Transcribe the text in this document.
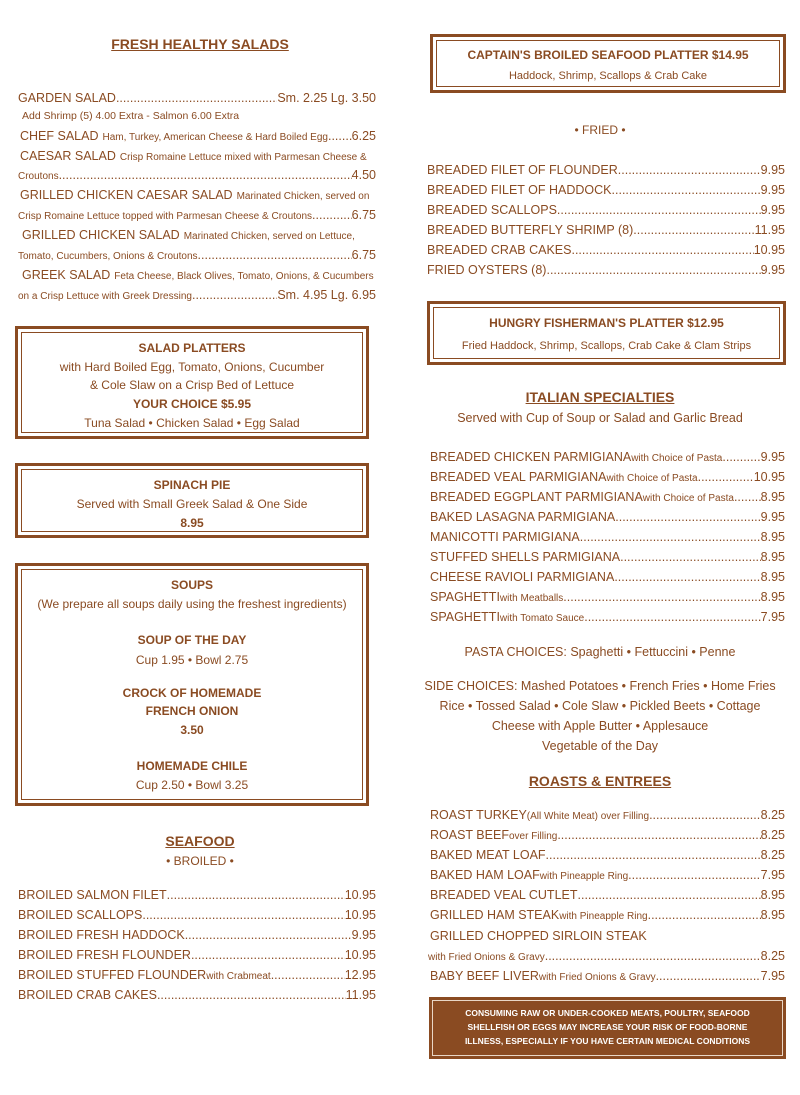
FRESH HEALTHY SALADS
GARDEN SALAD .....	Sm. 2.25 Lg. 3.50
Add Shrimp (5) 4.00 Extra - Salmon 6.00 Extra
CHEF SALAD Ham, Turkey, American Cheese & Hard Boiled Egg ..... 6.25
CAESAR SALAD Crisp Romaine Lettuce mixed with Parmesan Cheese &
Croutons .....	4.50
GRILLED CHICKEN CAESAR SALAD Marinated Chicken, served on
Crisp Romaine Lettuce topped with Parmesan Cheese & Croutons .....	6.75
GRILLED CHICKEN SALAD Marinated Chicken, served on Lettuce,
Tomato, Cucumbers, Onions & Croutons .....	6.75
GREEK SALAD Feta Cheese, Black Olives, Tomato, Onions, & Cucumbers
on a Crisp Lettuce with Greek Dressing .....	Sm. 4.95 Lg. 6.95
SALAD PLATTERS
with Hard Boiled Egg, Tomato, Onions, Cucumber
& Cole Slaw on a Crisp Bed of Lettuce
YOUR CHOICE $5.95
Tuna Salad • Chicken Salad • Egg Salad
SPINACH PIE
Served with Small Greek Salad & One Side
8.95
SOUPS
(We prepare all soups daily using the freshest ingredients)
SOUP OF THE DAY
Cup 1.95 • Bowl 2.75
CROCK OF HOMEMADE
FRENCH ONION
3.50
HOMEMADE CHILE
Cup 2.50 • Bowl 3.25
SEAFOOD
• BROILED •
BROILED SALMON FILET .....	10.95
BROILED SCALLOPS .....	10.95
BROILED FRESH HADDOCK .....	9.95
BROILED FRESH FLOUNDER .....	10.95
BROILED STUFFED FLOUNDER with Crabmeat .....	12.95
BROILED CRAB CAKES .....	11.95
CAPTAIN'S BROILED SEAFOOD PLATTER $14.95
Haddock, Shrimp, Scallops & Crab Cake
• FRIED •
BREADED FILET OF FLOUNDER .....	9.95
BREADED FILET OF HADDOCK .....	9.95
BREADED SCALLOPS .....	9.95
BREADED BUTTERFLY SHRIMP (8) .....	11.95
BREADED CRAB CAKES .....	10.95
FRIED OYSTERS (8) .....	9.95
HUNGRY FISHERMAN'S PLATTER $12.95
Fried Haddock, Shrimp, Scallops, Crab Cake & Clam Strips
ITALIAN SPECIALTIES
Served with Cup of Soup or Salad and Garlic Bread
BREADED CHICKEN PARMIGIANA with Choice of Pasta .....	9.95
BREADED VEAL PARMIGIANA with Choice of Pasta .....	10.95
BREADED EGGPLANT PARMIGIANA with Choice of Pasta ..... 8.95
BAKED LASAGNA PARMIGIANA .....	9.95
MANICOTTI PARMIGIANA .....	8.95
STUFFED SHELLS PARMIGIANA .....	8.95
CHEESE RAVIOLI PARMIGIANA .....	8.95
SPAGHETTI with Meatballs .....	8.95
SPAGHETTI with Tomato Sauce .....	7.95
PASTA CHOICES: Spaghetti • Fettuccini • Penne
SIDE CHOICES: Mashed Potatoes • French Fries • Home Fries
Rice • Tossed Salad • Cole Slaw • Pickled Beets • Cottage
Cheese with Apple Butter • Applesauce
Vegetable of the Day
ROASTS & ENTREES
ROAST TURKEY (All White Meat) over Filling .....	8.25
ROAST BEEF over Filling .....	8.25
BAKED MEAT LOAF .....	8.25
BAKED HAM LOAF with Pineapple Ring .....	7.95
BREADED VEAL CUTLET .....	8.95
GRILLED HAM STEAK with Pineapple Ring .....	8.95
GRILLED CHOPPED SIRLOIN STEAK
with Fried Onions & Gravy .....	8.25
BABY BEEF LIVER with Fried Onions & Gravy .....	7.95
CONSUMING RAW OR UNDER-COOKED MEATS, POULTRY, SEAFOOD
SHELLFISH OR EGGS MAY INCREASE YOUR RISK OF FOOD-BORNE
ILLNESS, ESPECIALLY IF YOU HAVE CERTAIN MEDICAL CONDITIONS
